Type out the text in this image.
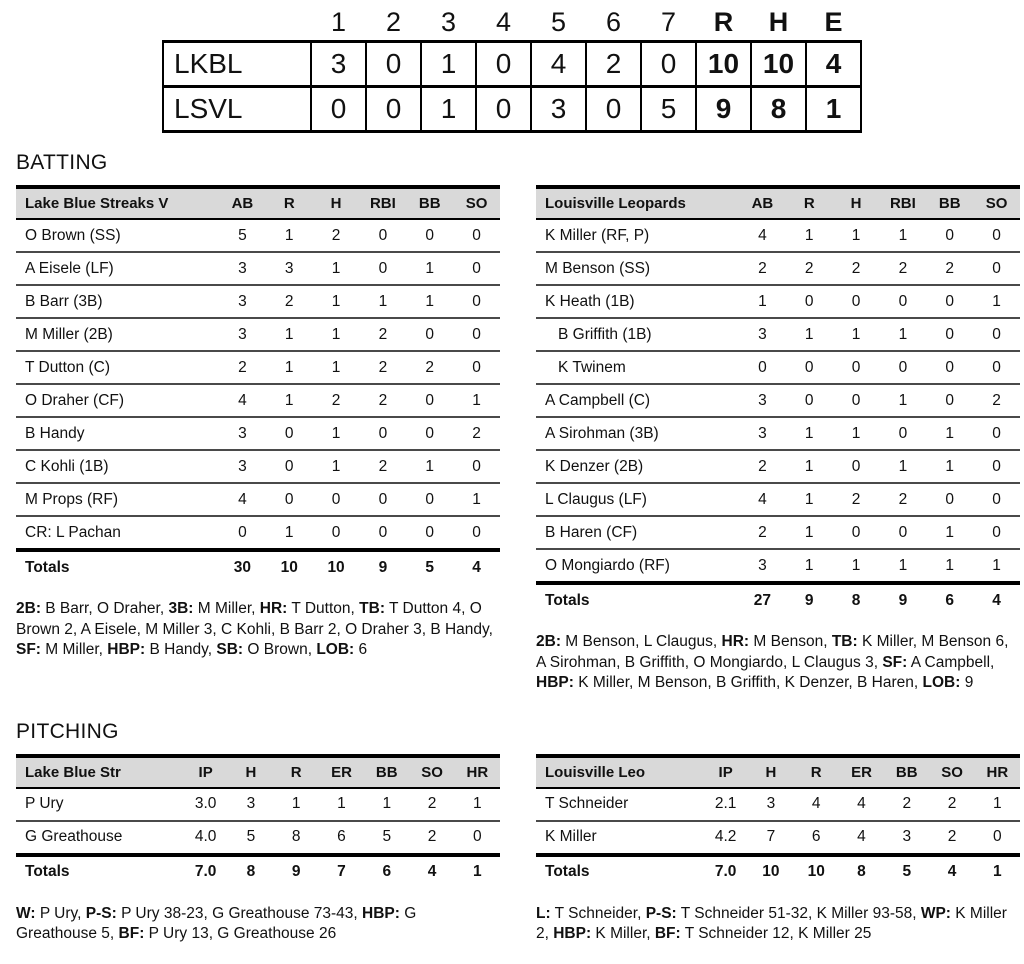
	1	2	3	4	5	6	7	R	H	E
LKBL	3	0	1	0	4	2	0	10	10	4
LSVL	0	0	1	0	3	0	5	9	8	1
BATTING
Lake Blue Streaks V	AB	R	H	RBI	BB	SO
O Brown (SS)	5	1	2	0	0	0
A Eisele (LF)	3	3	1	0	1	0
B Barr (3B)	3	2	1	1	1	0
M Miller (2B)	3	1	1	2	0	0
T Dutton (C)	2	1	1	2	2	0
O Draher (CF)	4	1	2	2	0	1
B Handy	3	0	1	0	0	2
C Kohli (1B)	3	0	1	2	1	0
M Props (RF)	4	0	0	0	0	1
CR: L Pachan	0	1	0	0	0	0
Totals	30	10	10	9	5	4
2B: B Barr, O Draher, 3B: M Miller, HR: T Dutton, TB: T Dutton 4, O Brown 2, A Eisele, M Miller 3, C Kohli, B Barr 2, O Draher 3, B Handy, SF: M Miller, HBP: B Handy, SB: O Brown, LOB: 6
Louisville Leopards	AB	R	H	RBI	BB	SO
K Miller (RF, P)	4	1	1	1	0	0
M Benson (SS)	2	2	2	2	2	0
K Heath (1B)	1	0	0	0	0	1
B Griffith (1B)	3	1	1	1	0	0
K Twinem	0	0	0	0	0	0
A Campbell (C)	3	0	0	1	0	2
A Sirohman (3B)	3	1	1	0	1	0
K Denzer (2B)	2	1	0	1	1	0
L Claugus (LF)	4	1	2	2	0	0
B Haren (CF)	2	1	0	0	1	0
O Mongiardo (RF)	3	1	1	1	1	1
Totals	27	9	8	9	6	4
2B: M Benson, L Claugus, HR: M Benson, TB: K Miller, M Benson 6, A Sirohman, B Griffith, O Mongiardo, L Claugus 3, SF: A Campbell, HBP: K Miller, M Benson, B Griffith, K Denzer, B Haren, LOB: 9
PITCHING
Lake Blue Str	IP	H	R	ER	BB	SO	HR
P Ury	3.0	3	1	1	1	2	1
G Greathouse	4.0	5	8	6	5	2	0
Totals	7.0	8	9	7	6	4	1
W: P Ury, P-S: P Ury 38-23, G Greathouse 73-43, HBP: G Greathouse 5, BF: P Ury 13, G Greathouse 26
Louisville Leo	IP	H	R	ER	BB	SO	HR
T Schneider	2.1	3	4	4	2	2	1
K Miller	4.2	7	6	4	3	2	0
Totals	7.0	10	10	8	5	4	1
L: T Schneider, P-S: T Schneider 51-32, K Miller 93-58, WP: K Miller 2, HBP: K Miller, BF: T Schneider 12, K Miller 25
